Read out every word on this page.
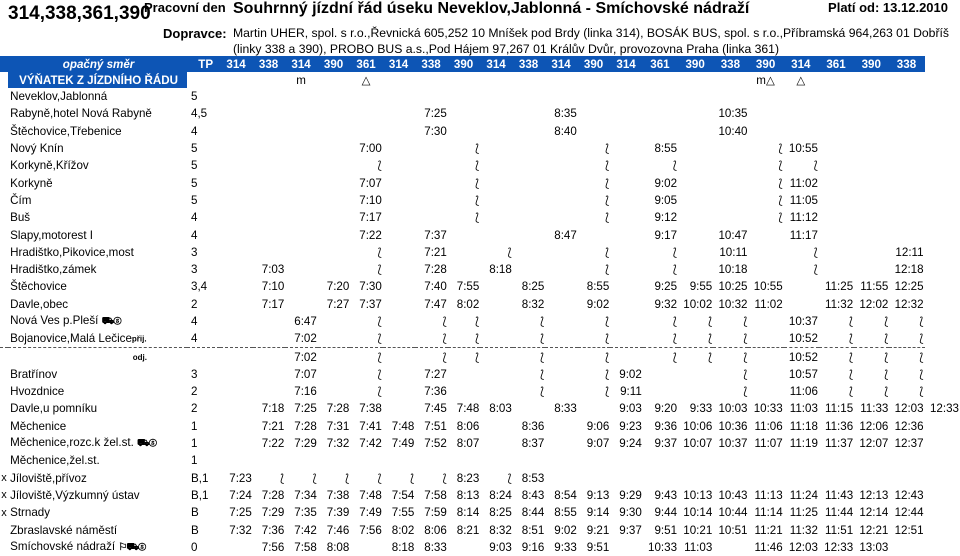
314,338,361,390
Pracovní den Souhrnný jízdní řád úseku Neveklov,Jablonná - Smíchovské nádraží	Platí od: 13.12.2010
Dopravce: Martin UHER, spol. s r.o.,Řevnická 605,252 10 Mníšek pod Brdy (linka 314), BOSÁK BUS, spol. s r.o.,Příbramská 964,263 01 Dobříš
(linky 338 a 390), PROBO BUS a.s.,Pod Hájem 97,267 01 Králův Dvůr, provozovna Praha (linka 361)

	opačný směr	TP	314	338	314	390	361	314	338	390	314	338	314	390	314	361	390	338	390	314	361	390	338	
	VÝŇATEK Z JÍZDNÍHO ŘÁDU				m		△												m△	△				
	Neveklov,Jablonná	5																						
	Rabyně,hotel Nová Rabyně	4,5							7:25				8:35					10:35						
	Štěchovice,Třebenice	4							7:30				8:40					10:40						
	Nový Knín	5					7:00			⟅				⟅		8:55			⟅	10:55				
	Korkyně,Křížov	5					⟅			⟅				⟅		⟅			⟅	⟅				
	Korkyně	5					7:07			⟅				⟅		9:02			⟅	11:02				
	Čím	5					7:10			⟅				⟅		9:05			⟅	11:05				
	Buš	4					7:17			⟅				⟅		9:12			⟅	11:12				
	Slapy,motorest I	4					7:22		7:37				8:47			9:17		10:47		11:17				
	Hradištko,Pikovice,most	3					⟅		7:21		⟅			⟅		⟅		10:11		⟅			12:11	
	Hradištko,zámek	3		7:03			⟅		7:28		8:18			⟅		⟅		10:18		⟅			12:18	
	Štěchovice	3,4		7:10		7:20	7:30		7:40	7:55		8:25		8:55		9:25	9:55	10:25	10:55		11:25	11:55	12:25	
	Davle,obec	2		7:17		7:27	7:37		7:47	8:02		8:32		9:02		9:32	10:02	10:32	11:02		11:32	12:02	12:32	
	Nová Ves p.Pleší ⛟Ⓢ	4			6:47		⟅		⟅	⟅		⟅		⟅		⟅	⟅	⟅		10:37	⟅	⟅	⟅	
	Bojanovice,Malá Lečicepřij.	4			7:02		⟅		⟅	⟅		⟅		⟅		⟅	⟅	⟅		10:52	⟅	⟅	⟅	

	odj.				7:02		⟅		⟅	⟅		⟅		⟅		⟅	⟅	⟅		10:52	⟅	⟅	⟅	
	Bratřínov	3			7:07		⟅		7:27			⟅		⟅	9:02			⟅		10:57	⟅	⟅	⟅	
	Hvozdnice	2			7:16		⟅		7:36			⟅		⟅	9:11			⟅		11:06	⟅	⟅	⟅	
	Davle,u pomníku	2		7:18	7:25	7:28	7:38		7:45	7:48	8:03		8:33		9:03	9:20	9:33	10:03	10:33	11:03	11:15	11:33	12:03	12:33
	Měchenice	1		7:21	7:28	7:31	7:41	7:48	7:51	8:06		8:36		9:06	9:23	9:36	10:06	10:36	11:06	11:18	11:36	12:06	12:36	
	Měchenice,rozc.k žel.st. ⛟Ⓢ	1		7:22	7:29	7:32	7:42	7:49	7:52	8:07		8:37		9:07	9:24	9:37	10:07	10:37	11:07	11:19	11:37	12:07	12:37	
	Měchenice,žel.st.	1																						
x	Jíloviště,přívoz	B,1	7:23	⟅	⟅	⟅	⟅	⟅	⟅	8:23	⟅	8:53												
x	Jíloviště,Výzkumný ústav	B,1	7:24	7:28	7:34	7:38	7:48	7:54	7:58	8:13	8:24	8:43	8:54	9:13	9:29	9:43	10:13	10:43	11:13	11:24	11:43	12:13	12:43	
x	Strnady	B	7:25	7:29	7:35	7:39	7:49	7:55	7:59	8:14	8:25	8:44	8:55	9:14	9:30	9:44	10:14	10:44	11:14	11:25	11:44	12:14	12:44	
	Zbraslavské náměstí	B	7:32	7:36	7:42	7:46	7:56	8:02	8:06	8:21	8:32	8:51	9:02	9:21	9:37	9:51	10:21	10:51	11:21	11:32	11:51	12:21	12:51	
	Smíchovské nádraží ⚐⛟Ⓢ	0		7:56	7:58	8:08		8:18	8:33		9:03	9:16	9:33	9:51		10:33	11:03		11:46	12:03	12:33	13:03		
